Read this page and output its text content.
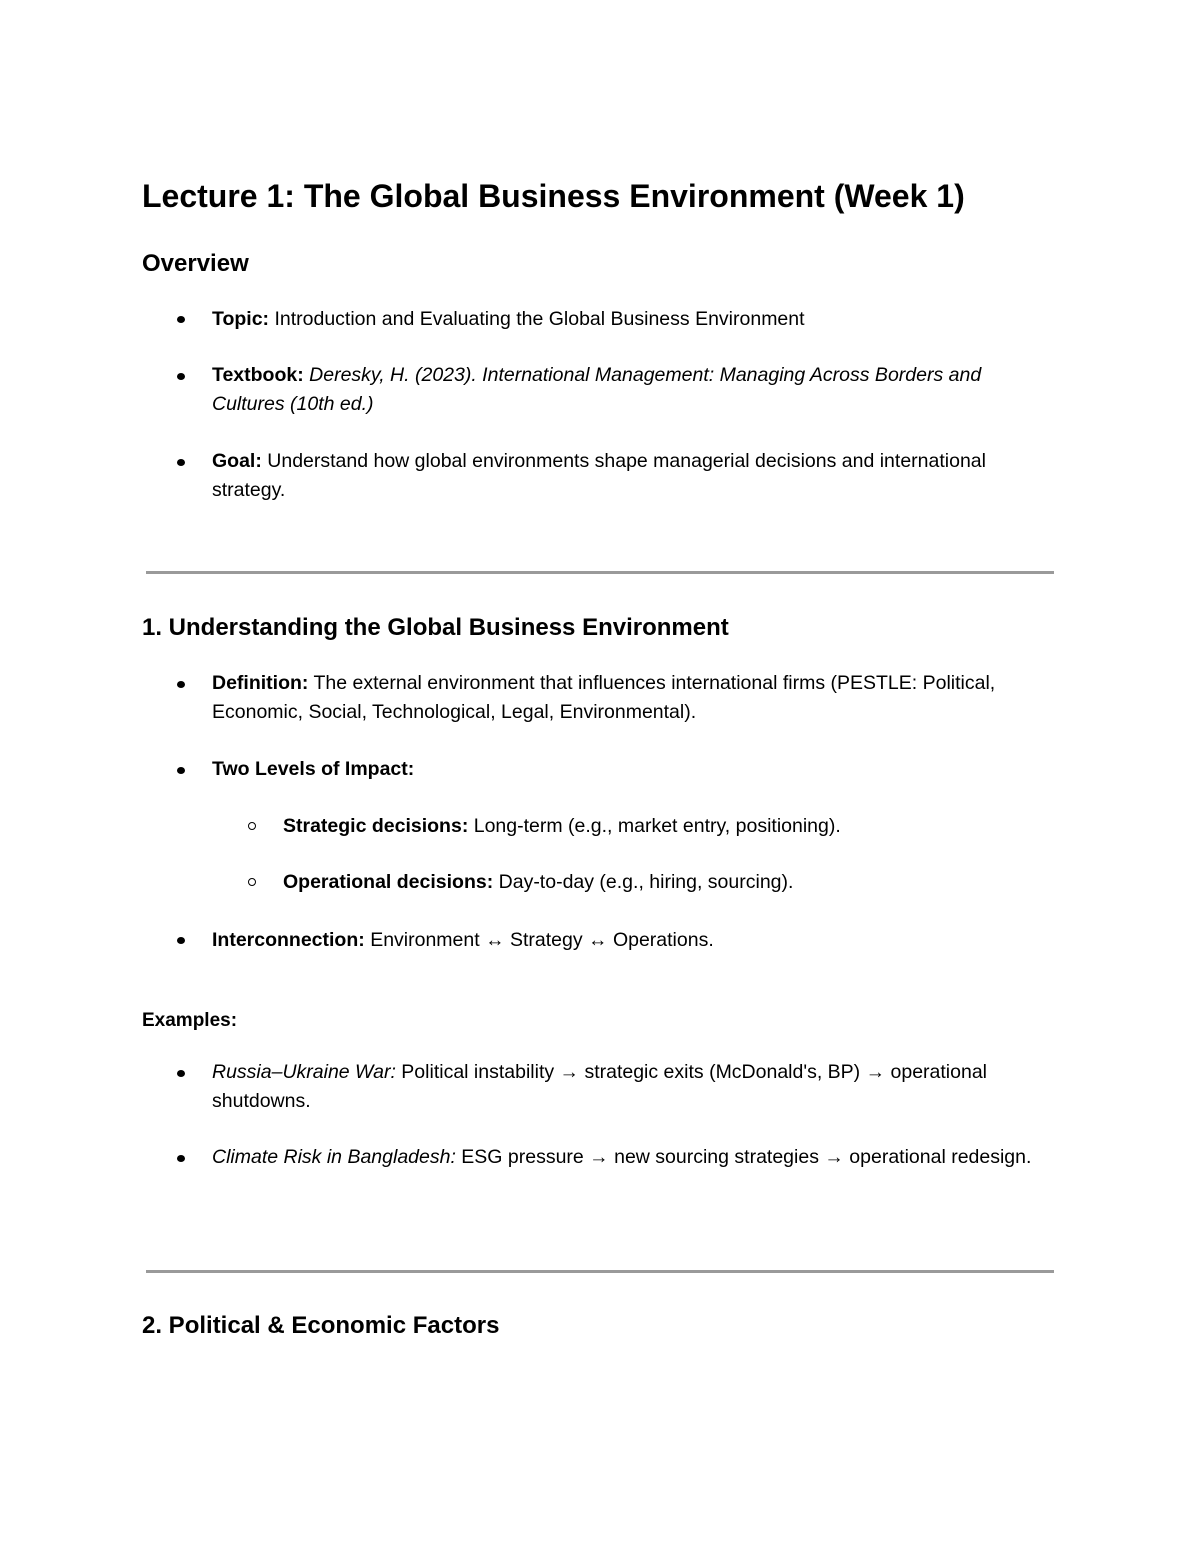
Lecture 1: The Global Business Environment (Week 1)
Overview

Topic: Introduction and Evaluating the Global Business Environment

Textbook: Deresky, H. (2023). International Management: Managing Across Borders and Cultures (10th ed.)

Goal: Understand how global environments shape managerial decisions and international strategy.

1. Understanding the Global Business Environment

Definition: The external environment that influences international firms (PESTLE: Political, Economic, Social, Technological, Legal, Environmental).

Two Levels of Impact:

Strategic decisions: Long-term (e.g., market entry, positioning).

Operational decisions: Day-to-day (e.g., hiring, sourcing).

Interconnection: Environment ↔ Strategy ↔ Operations.

Examples:

Russia–Ukraine War: Political instability → strategic exits (McDonald's, BP) → operational shutdowns.

Climate Risk in Bangladesh: ESG pressure → new sourcing strategies → operational redesign.

2. Political & Economic Factors
